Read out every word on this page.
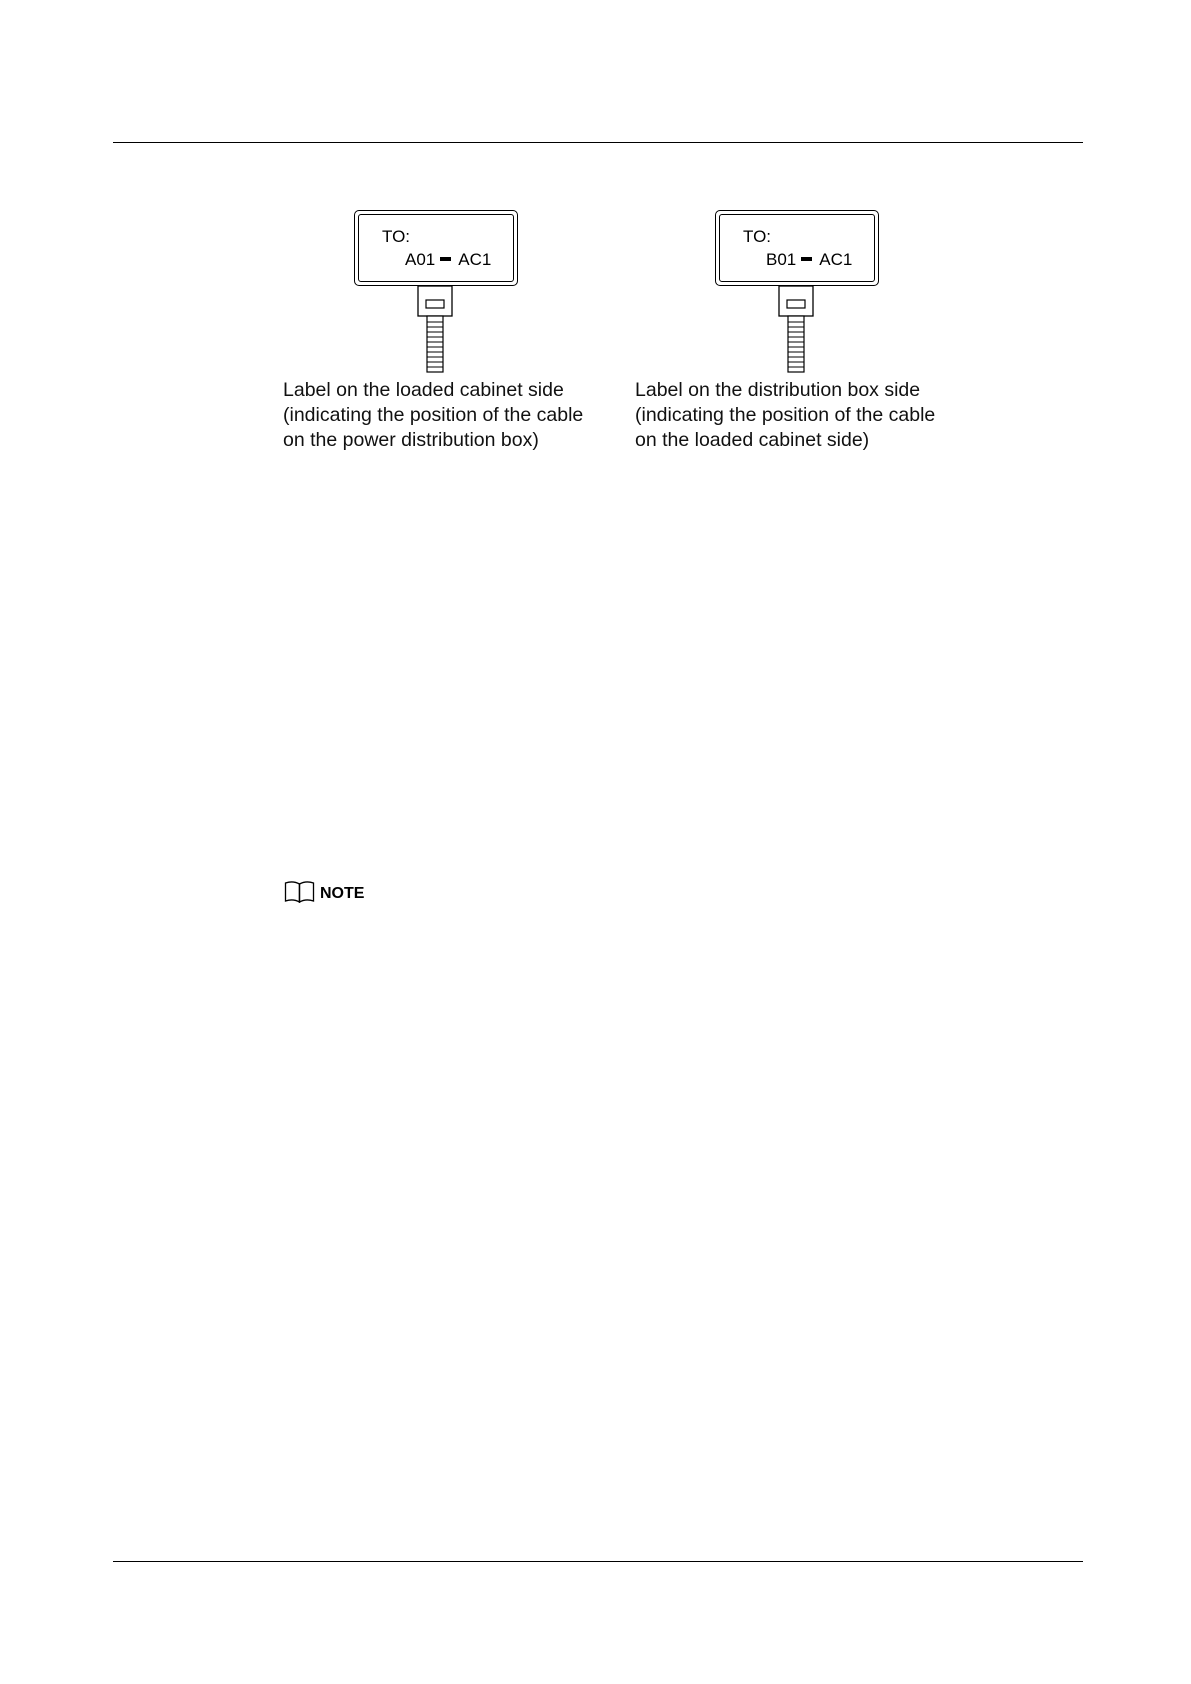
TO:
A01 AC1
TO:
B01 AC1
Label on the loaded cabinet side
(indicating the position of the cable
on the power distribution box)
Label on the distribution box side
(indicating the position of the cable
on the loaded cabinet side)
NOTE
